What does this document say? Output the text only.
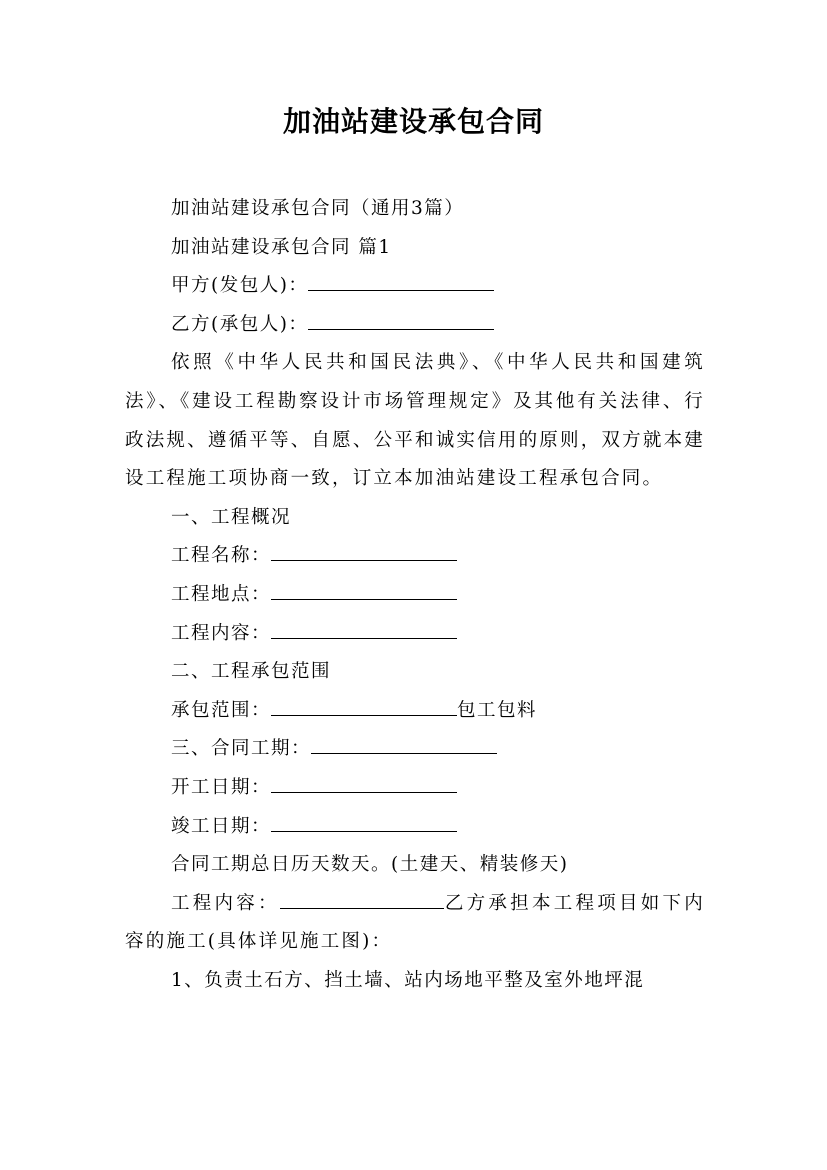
加油站建设承包合同
加油站建设承包合同（通用3篇）
加油站建设承包合同 篇1
甲方(发包人)：
乙方(承包人)：
依照《中华人民共和国民法典》、《中华人民共和国建筑法》、《建设工程勘察设计市场管理规定》及其他有关法律、行政法规、遵循平等、自愿、公平和诚实信用的原则，双方就本建设工程施工项协商一致，订立本加油站建设工程承包合同。
一、工程概况
工程名称：
工程地点：
工程内容：
二、工程承包范围
承包范围：	包工包料
三、合同工期：
开工日期：
竣工日期：
合同工期总日历天数天。(土建天、精装修天)
工程内容：	乙方承担本工程项目如下内容的施工(具体详见施工图)：
1、负责土石方、挡土墙、站内场地平整及室外地坪混
